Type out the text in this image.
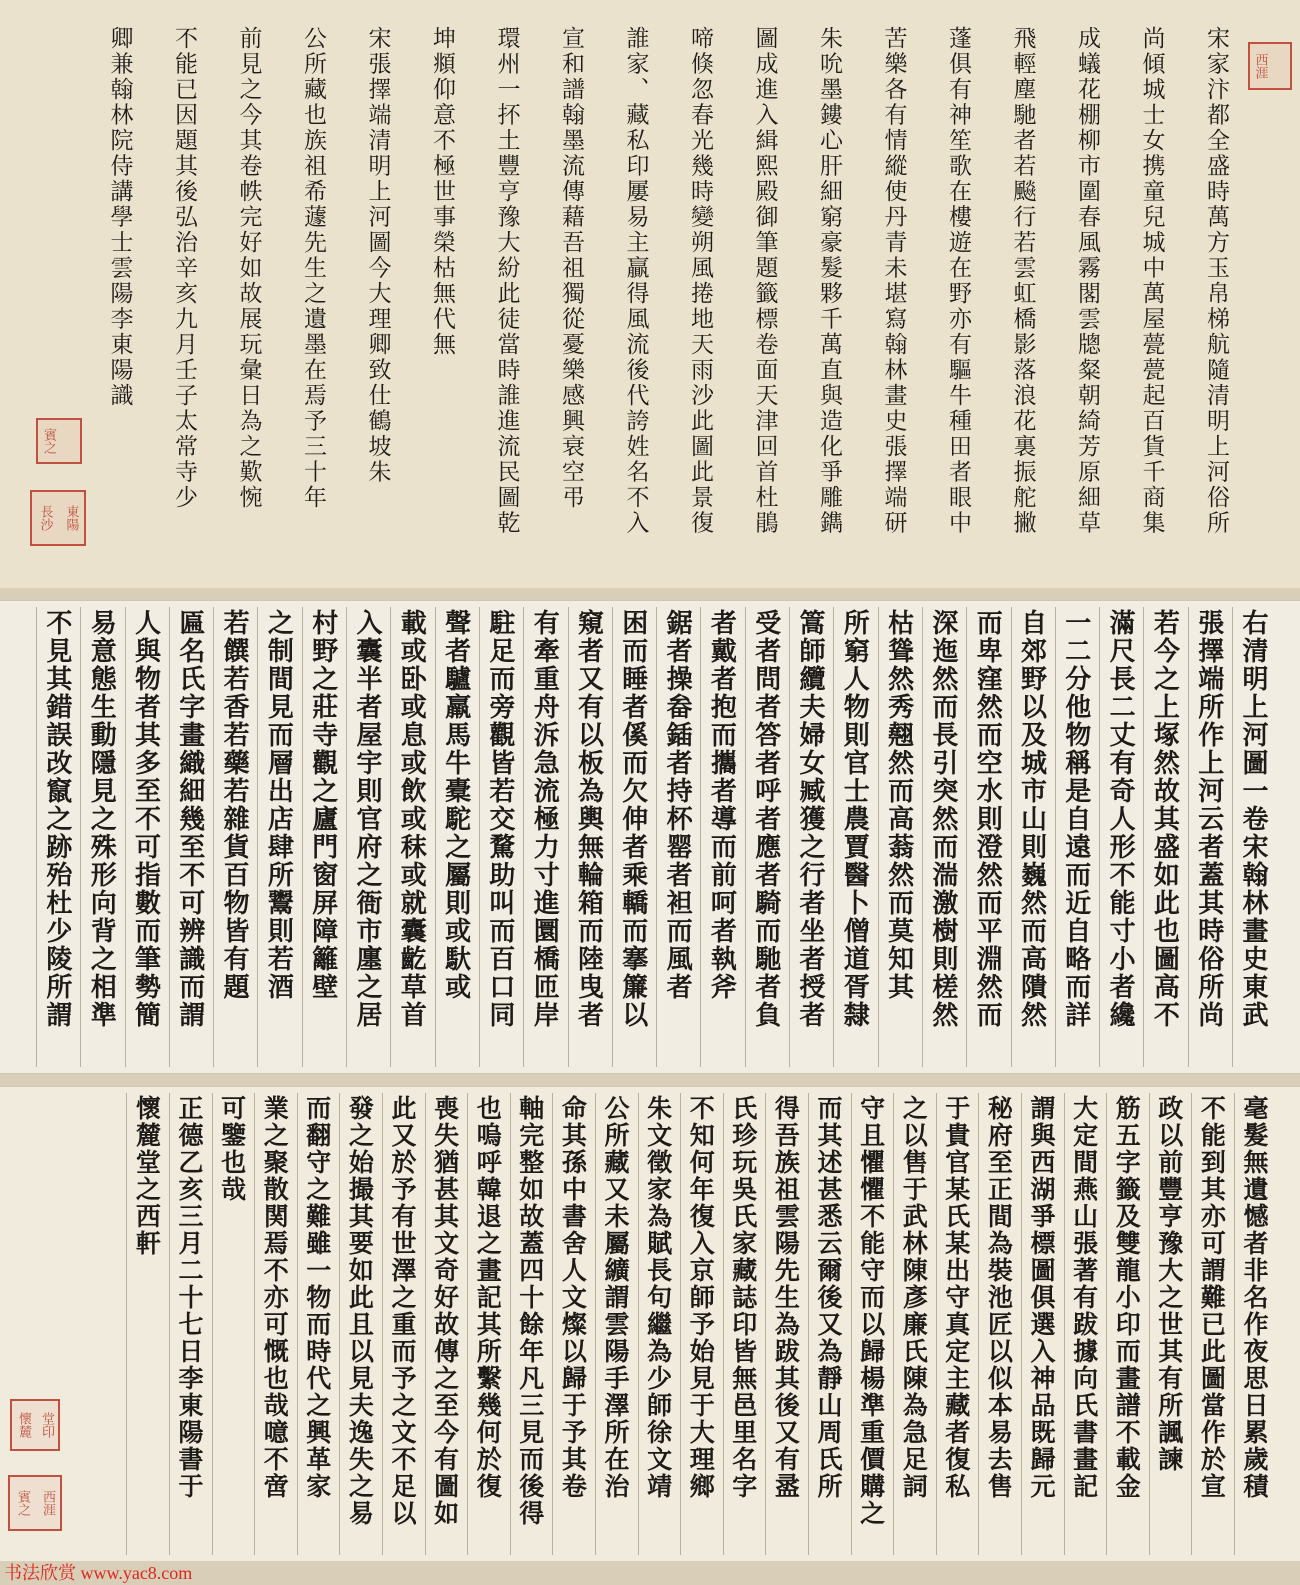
西涯
賓之
長沙 東陽	宋家汴都全盛時萬方玉帛梯航隨清明上河俗所
尚傾城士女携童兒城中萬屋甍甍起百貨千商集
成蟻花棚柳市圍春風霧閣雲牕粲朝綺芳原細草
飛輕塵馳者若飈行若雲虹橋影落浪花裏振舵撇
蓬俱有神笙歌在樓遊在野亦有驅牛種田者眼中
苦樂各有情縱使丹青未堪寫翰林畫史張擇端研
朱吮墨鏤心肝細窮豪髮夥千萬直與造化爭雕鐫
圖成進入緝熙殿御筆題籤標卷面天津回首杜鵑
啼倏忽春光幾時變朔風捲地天雨沙此圖此景復
誰家、藏私印屢易主贏得風流後代誇姓名不入
宣和譜翰墨流傳藉吾祖獨從憂樂感興衰空弔
環州一抔土豐亨豫大紛此徒當時誰進流民圖乾
坤頫仰意不極世事榮枯無代無
宋張擇端清明上河圖今大理卿致仕鶴坡朱
公所藏也族祖希蘧先生之遺墨在焉予三十年
前見之今其卷帙完好如故展玩彙日為之歎惋
不能已因題其後弘治辛亥九月壬子太常寺少
卿兼翰林院侍講學士雲陽李東陽識
右清明上河圖一卷宋翰林畫史東武
張擇端所作上河云者蓋其時俗所尚
若今之上塚然故其盛如此也圖高不
滿尺長二丈有奇人形不能寸小者纔
一二分他物稱是自遠而近自略而詳
自郊野以及城市山則巍然而高隤然
而卑窪然而空水則澄然而平淵然而
深迤然而長引突然而湍激樹則槎然
枯聳然秀翹然而高蓊然而莫知其
所窮人物則官士農賈醫卜僧道胥隸
篙師纜夫婦女臧獲之行者坐者授者
受者問者答者呼者應者騎而馳者負
者戴者抱而攜者導而前呵者執斧
鋸者操畚鍤者持杯罂者袒而風者
困而睡者傒而欠伸者乘轎而搴簾以
窺者又有以板為輿無輪箱而陸曳者
有牽重舟泝急流極力寸進圜橋匝岸
駐足而旁觀皆若交騖助叫而百口同
聲者驢羸馬牛橐駝之屬則或馱或
載或卧或息或飲或秣或就囊齕草首
入囊半者屋宇則官府之衙市廛之居
村野之莊寺觀之廬門窗屏障籬壁
之制間見而層出店肆所鬻則若酒
若饌若香若藥若雜貨百物皆有題
匾名氏字畫織細幾至不可辨識而謂
人與物者其多至不可指數而筆勢簡
易意態生動隱見之殊形向背之相準
不見其錯誤改竄之跡殆杜少陵所謂
懷麓 堂印
賓之 西涯
毫髮無遺憾者非名作夜思日累歲積
不能到其亦可謂難已此圖當作於宣
政以前豐亨豫大之世其有所諷諫
筋五字籤及雙龍小印而畫譜不載金
大定間燕山張著有跋據向氏書畫記
謂與西湖爭標圖俱選入神品既歸元
秘府至正間為裝池匠以似本易去售
于貴官某氏某出守真定主藏者復私
之以售于武林陳彥廉氏陳為急足詞
守且懼懼不能守而以歸楊準重價購之
而其述甚悉云爾後又為靜山周氏所
得吾族祖雲陽先生為跋其後又有盝
氏珍玩吳氏家藏誌印皆無邑里名字
不知何年復入京師予始見于大理鄉
朱文徵家為賦長句繼為少師徐文靖
公所藏又未屬纊謂雲陽手澤所在治
命其孫中書舍人文燦以歸于予其卷
軸完整如故蓋四十餘年凡三見而後得
也嗚呼韓退之畫記其所繫幾何於復
喪失猶甚其文奇好故傳之至今有圖如
此又於予有世澤之重而予之文不足以
發之始撮其要如此且以見夫逸失之易
而翻守之難雖一物而時代之興革家
業之聚散関焉不亦可慨也哉噫不啻
可鑒也哉
正德乙亥三月二十七日李東陽書于
懷麓堂之西軒
书法欣赏 www.yac8.com
